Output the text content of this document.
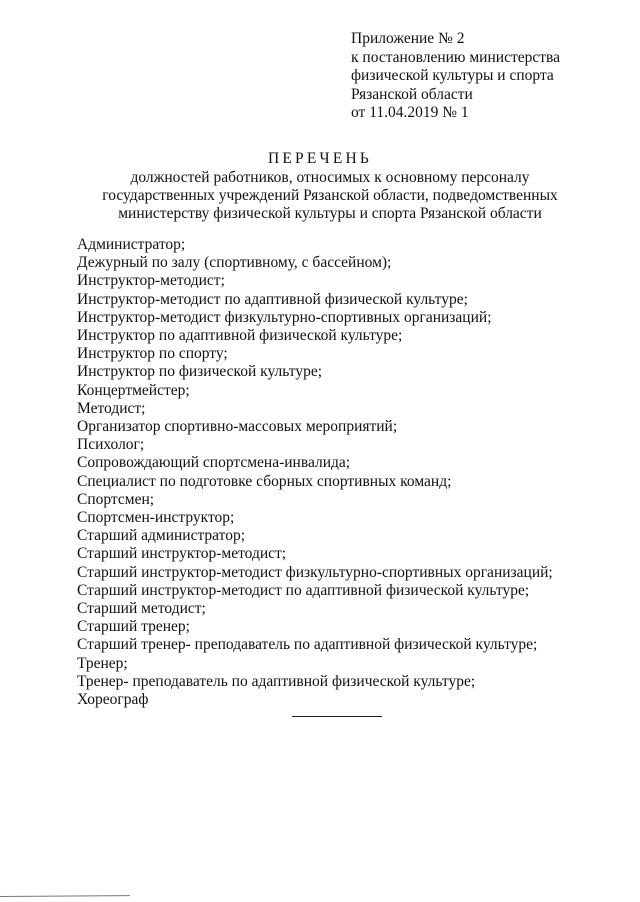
Приложение № 2
к постановлению министерства
физической культуры и спорта
Рязанской области
от 11.04.2019 № 1
ПЕРЕЧЕНЬ
должностей работников, относимых к основному персоналу
государственных учреждений Рязанской области, подведомственных
министерству физической культуры и спорта Рязанской области
Администратор;
Дежурный по залу (спортивному, с бассейном);
Инструктор-методист;
Инструктор-методист по адаптивной физической культуре;
Инструктор-методист физкультурно-спортивных организаций;
Инструктор по адаптивной физической культуре;
Инструктор по спорту;
Инструктор по физической культуре;
Концертмейстер;
Методист;
Организатор спортивно-массовых мероприятий;
Психолог;
Сопровождающий спортсмена-инвалида;
Специалист по подготовке сборных спортивных команд;
Спортсмен;
Спортсмен-инструктор;
Старший администратор;
Старший инструктор-методист;
Старший инструктор-методист физкультурно-спортивных организаций;
Старший инструктор-методист по адаптивной физической культуре;
Старший методист;
Старший тренер;
Старший тренер- преподаватель по адаптивной физической культуре;
Тренер;
Тренер- преподаватель по адаптивной физической культуре;
Хореограф
